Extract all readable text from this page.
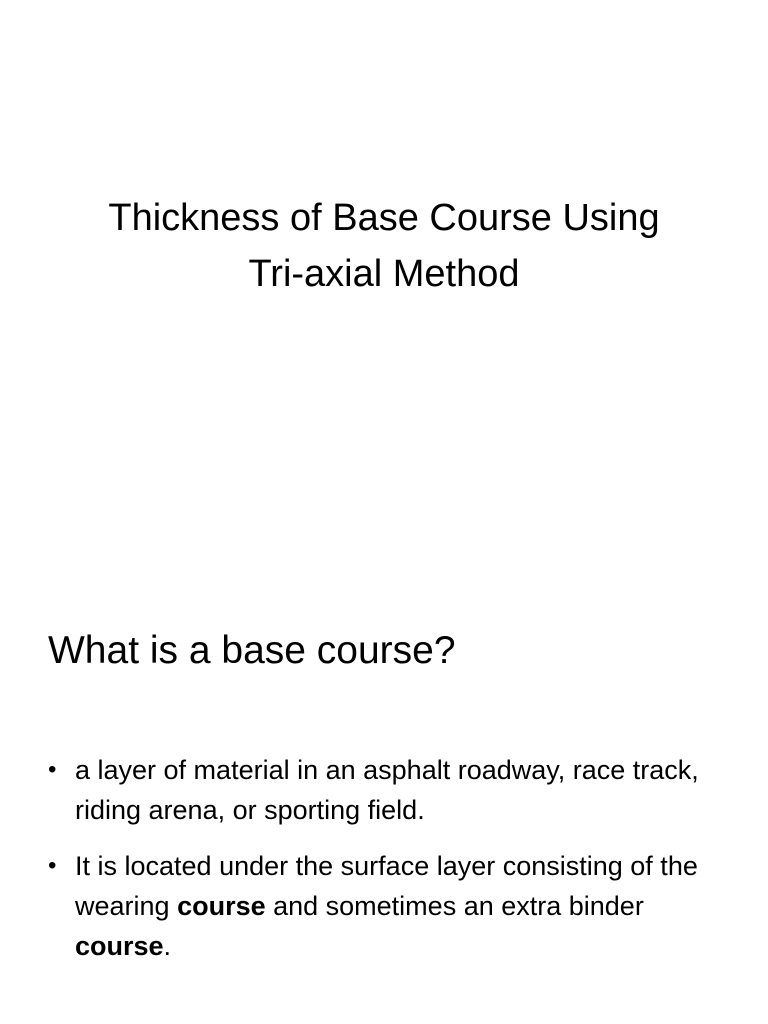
Thickness of Base Course Using
Tri-axial Method
What is a base course?
• a layer of material in an asphalt roadway, race track, riding arena, or sporting field.
• It is located under the surface layer consisting of the wearing course and sometimes an extra binder course.
